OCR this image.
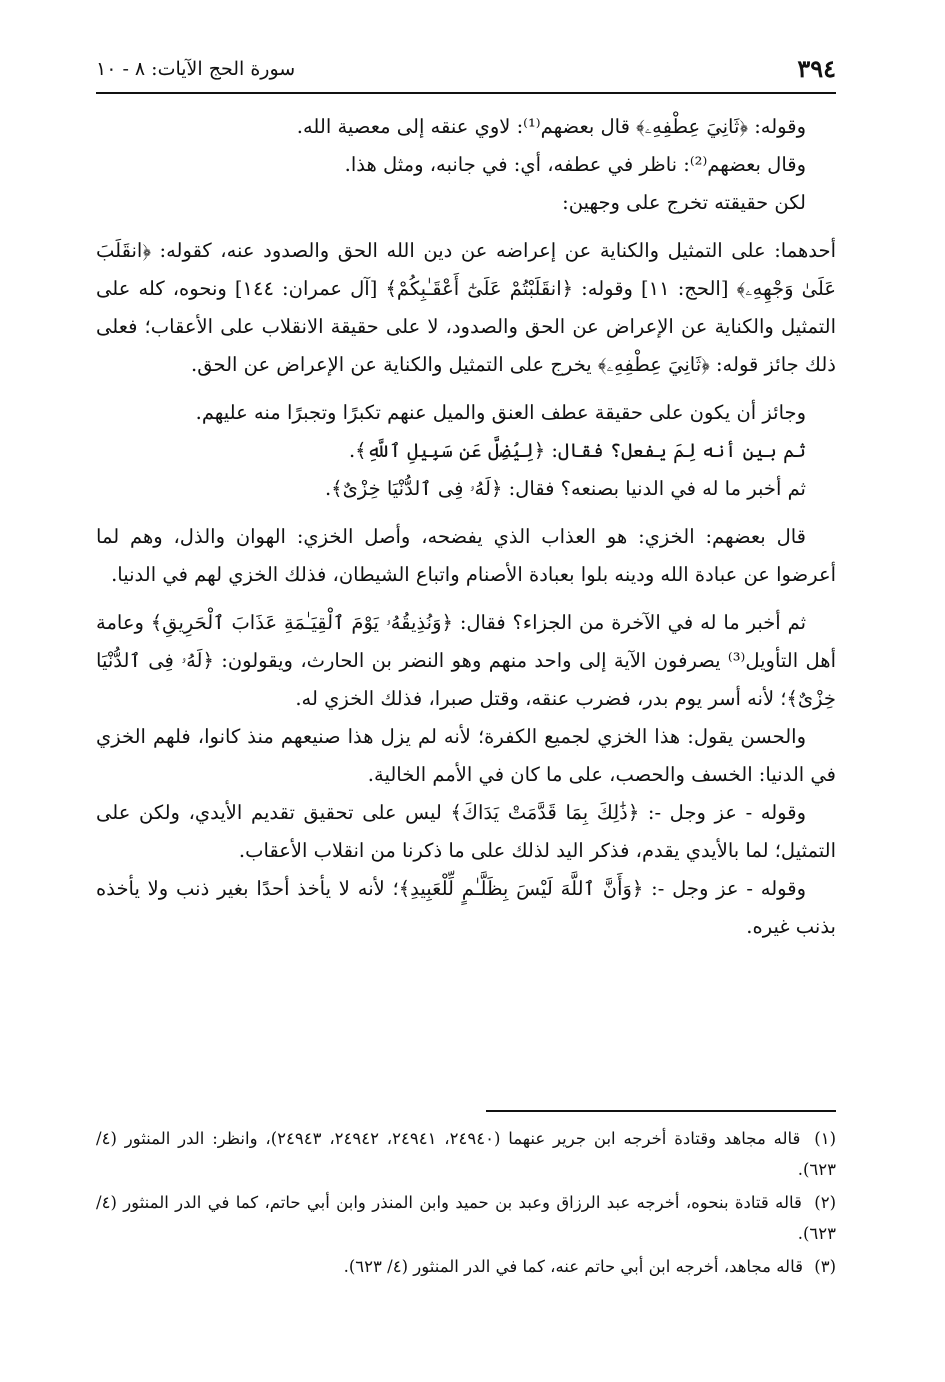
٣٩٤
سورة الحج الآيات: ٨ - ١٠

وقوله: ﴿ثَانِيَ عِطْفِهِۦ﴾ قال بعضهم⁽¹⁾: لاوي عنقه إلى معصية الله.

وقال بعضهم⁽²⁾: ناظر في عطفه، أي: في جانبه، ومثل هذا.

لكن حقيقته تخرج على وجهين:

أحدهما: على التمثيل والكناية عن إعراضه عن دين الله الحق والصدود عنه، كقوله: ﴿انقَلَبَ عَلَىٰ وَجْهِهِۦ﴾ [الحج: ١١] وقوله: ﴿انقَلَبْتُمْ عَلَىٰٓ أَعْقَـٰبِكُمْ﴾ [آل عمران: ١٤٤] ونحوه، كله على التمثيل والكناية عن الإعراض عن الحق والصدود، لا على حقيقة الانقلاب على الأعقاب؛ فعلى ذلك جائز قوله: ﴿ثَانِيَ عِطْفِهِۦ﴾ يخرج على التمثيل والكناية عن الإعراض عن الحق.

وجائز أن يكون على حقيقة عطف العنق والميل عنهم تكبرًا وتجبرًا منه عليهم.

ثم بين أنه لِمَ يفعل؟ فقال: ﴿لِيُضِلَّ عَن سَبِيلِ ٱللَّهِ﴾.

ثم أخبر ما له في الدنيا بصنعه؟ فقال: ﴿لَهُۥ فِى ٱلدُّنْيَا خِزْىٌ﴾.

قال بعضهم: الخزي: هو العذاب الذي يفضحه، وأصل الخزي: الهوان والذل، وهم لما أعرضوا عن عبادة الله ودينه بلوا بعبادة الأصنام واتباع الشيطان، فذلك الخزي لهم في الدنيا.

ثم أخبر ما له في الآخرة من الجزاء؟ فقال: ﴿وَنُذِيقُهُۥ يَوْمَ ٱلْقِيَـٰمَةِ عَذَابَ ٱلْحَرِيقِ﴾ وعامة أهل التأويل⁽³⁾ يصرفون الآية إلى واحد منهم وهو النضر بن الحارث، ويقولون: ﴿لَهُۥ فِى ٱلدُّنْيَا خِزْىٌ﴾؛ لأنه أسر يوم بدر، فضرب عنقه، وقتل صبرا، فذلك الخزي له.

والحسن يقول: هذا الخزي لجميع الكفرة؛ لأنه لم يزل هذا صنيعهم منذ كانوا، فلهم الخزي في الدنيا: الخسف والحصب، على ما كان في الأمم الخالية.

وقوله - عز وجل -: ﴿ذَٰلِكَ بِمَا قَدَّمَتْ يَدَاكَ﴾ ليس على تحقيق تقديم الأيدي، ولكن على التمثيل؛ لما بالأيدي يقدم، فذكر اليد لذلك على ما ذكرنا من انقلاب الأعقاب.

وقوله - عز وجل -: ﴿وَأَنَّ ٱللَّهَ لَيْسَ بِظَلَّـٰمٍ لِّلْعَبِيدِ﴾؛ لأنه لا يأخذ أحدًا بغير ذنب ولا يأخذه بذنب غيره.

(١) قاله مجاهد وقتادة أخرجه ابن جرير عنهما (٢٤٩٤٠، ٢٤٩٤١، ٢٤٩٤٢، ٢٤٩٤٣)، وانظر: الدر المنثور (٤/ ٦٢٣).

(٢) قاله قتادة بنحوه، أخرجه عبد الرزاق وعبد بن حميد وابن المنذر وابن أبي حاتم، كما في الدر المنثور (٤/ ٦٢٣).

(٣) قاله مجاهد، أخرجه ابن أبي حاتم عنه، كما في الدر المنثور (٤/ ٦٢٣).
